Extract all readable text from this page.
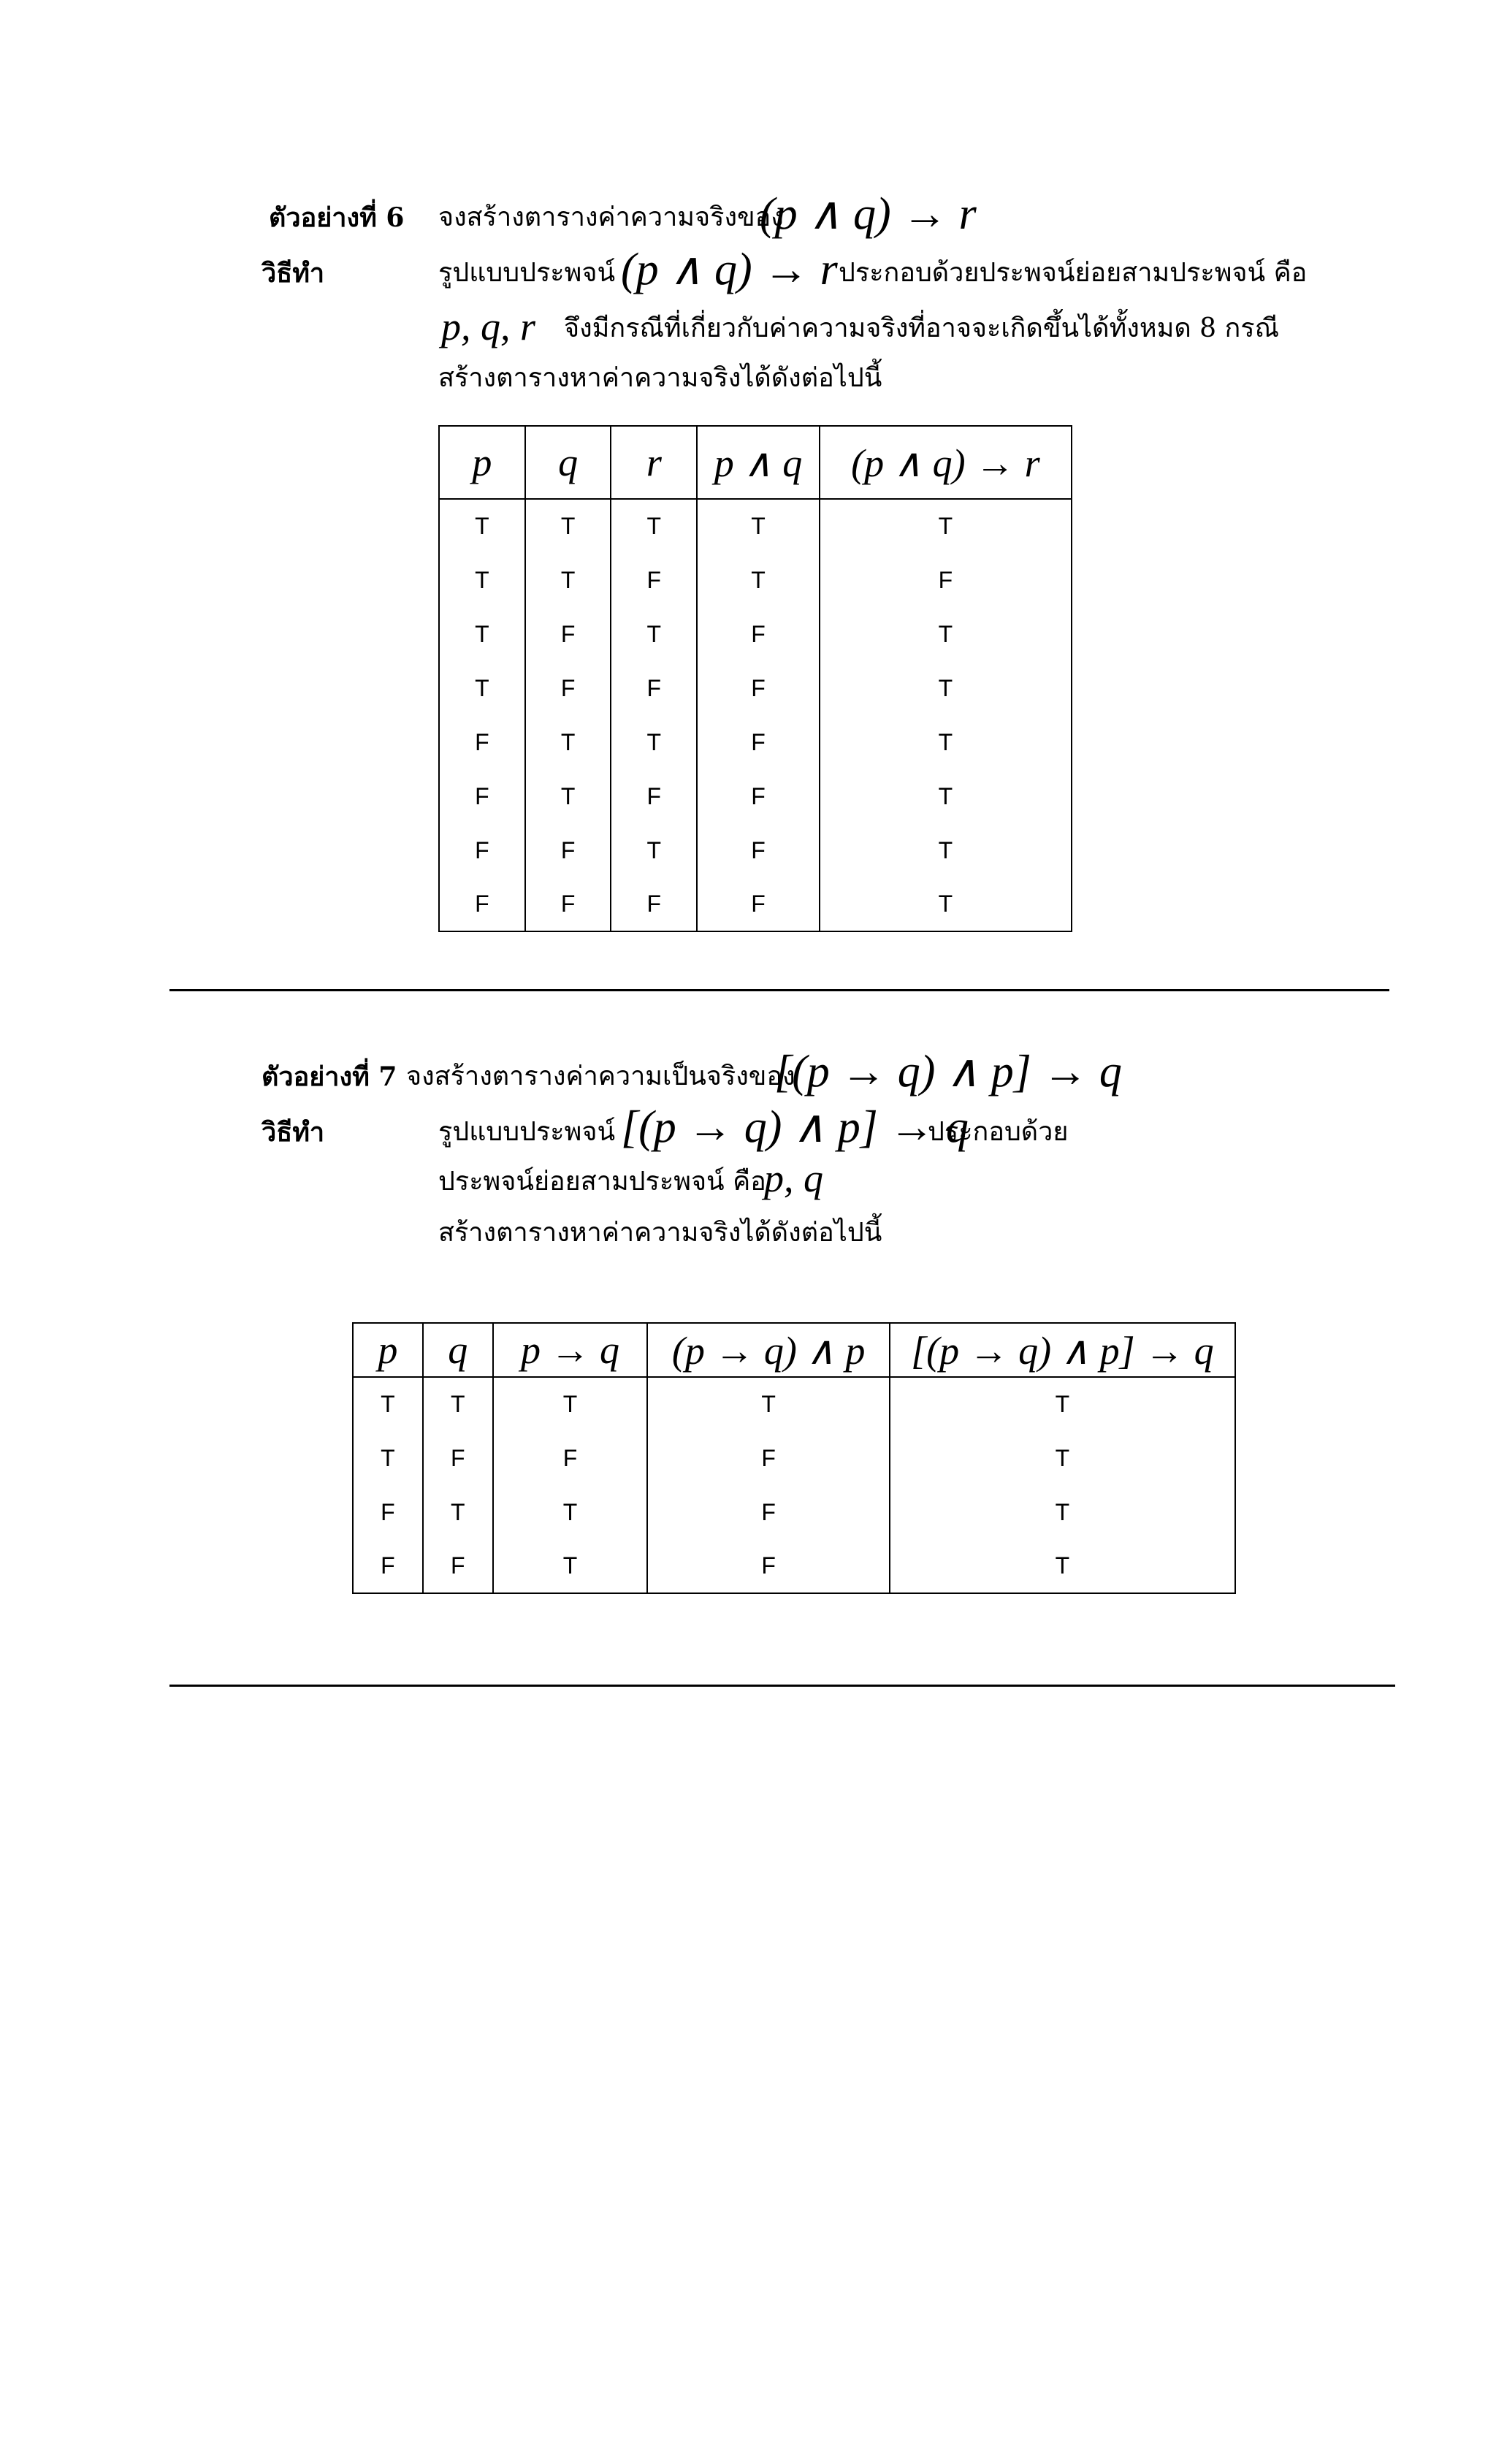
ตัวอย่างที่ 6 จงสร้างตารางค่าความจริงของ
(p ∧ q) → r
วิธีทำ	รูปแบบประพจน์ (p ∧ q) → r ประกอบด้วยประพจน์ย่อยสามประพจน์ คือ
p, q, r จึงมีกรณีที่เกี่ยวกับค่าความจริงที่อาจจะเกิดขึ้นได้ทั้งหมด 8 กรณี
สร้างตารางหาค่าความจริงได้ดังต่อไปนี้
p	q	r	p ∧ q	(p ∧ q) → r
T	T	T	T	T
T	T	F	T	F
T	F	T	F	T
T	F	F	F	T
F	T	T	F	T
F	T	F	F	T
F	F	T	F	T
F	F	F	F	T
ตัวอย่างที่ 7 จงสร้างตารางค่าความเป็นจริงของ
[(p → q) ∧ p] → q
วิธีทำ	รูปแบบประพจน์ [(p → q) ∧ p] → q
ประกอบด้วย
ประพจน์ย่อยสามประพจน์ คือ
p, q
สร้างตารางหาค่าความจริงได้ดังต่อไปนี้
p	q	p → q	(p → q) ∧ p	[(p → q) ∧ p] → q
T	T	T	T	T
T	F	F	F	T
F	T	T	F	T
F	F	T	F	T
